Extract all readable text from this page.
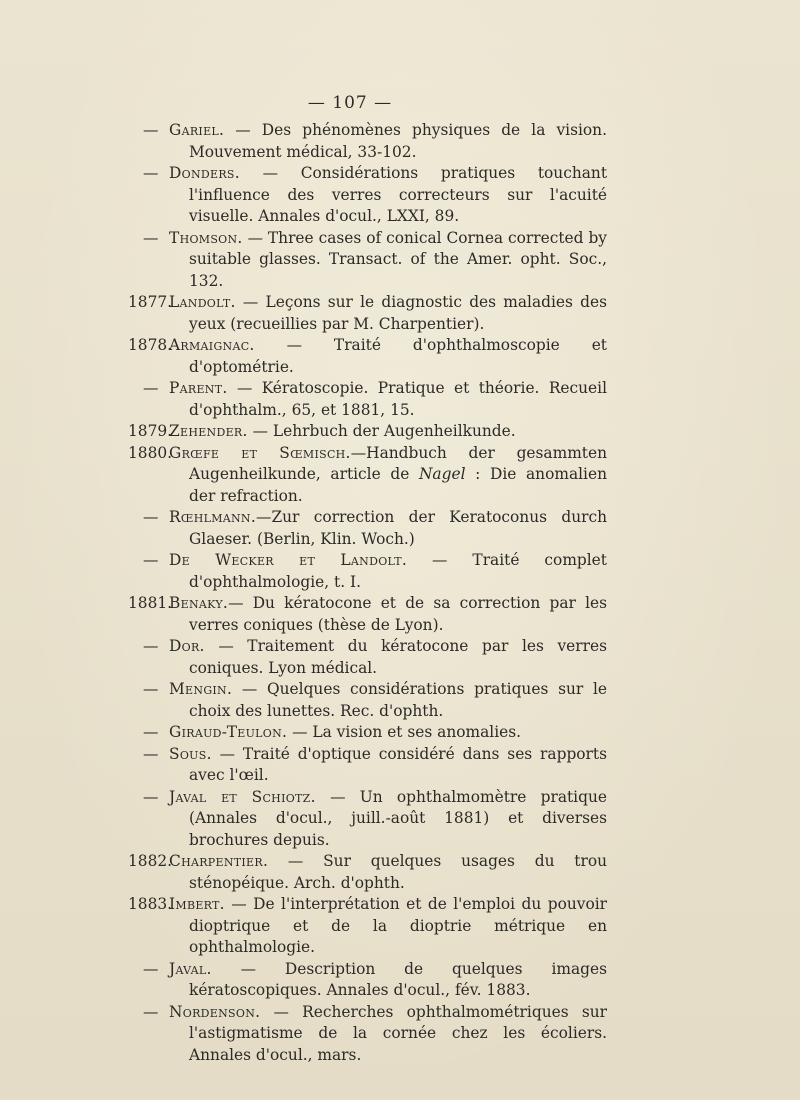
— 107 —
— Gariel. — Des phénomènes physiques de la vision. Mouvement médical, 33-102.
— Donders. — Considérations pratiques touchant l'influence des verres correcteurs sur l'acuité visuelle. Annales d'ocul., LXXI, 89.
— Thomson. — Three cases of conical Cornea corrected by suitable glasses. Transact. of the Amer. opht. Soc., 132.
1877.
Landolt. — Leçons sur le diagnostic des maladies des yeux (recueillies par M. Charpentier).
1878.
Armaignac. — Traité d'ophthalmoscopie et d'optométrie.
— Parent. — Kératoscopie. Pratique et théorie. Recueil d'ophthalm., 65, et 1881, 15.
1879.
Zehender. — Lehrbuch der Augenheilkunde.
1880.
Grœfe et Sœmisch.—Handbuch der gesammten Augenheilkunde, article de Nagel : Die anomalien der refraction.
— Rœhlmann.—Zur correction der Keratoconus durch Glaeser. (Berlin, Klin. Woch.)
— De Wecker et Landolt. — Traité complet d'ophthalmologie, t. I.
1881.
Benaky.— Du kératocone et de sa correction par les verres coniques (thèse de Lyon).
— Dor. — Traitement du kératocone par les verres coniques. Lyon médical.
— Mengin. — Quelques considérations pratiques sur le choix des lunettes. Rec. d'ophth.
— Giraud-Teulon. — La vision et ses anomalies.
— Sous. — Traité d'optique considéré dans ses rapports avec l'œil.
— Javal et Schiotz. — Un ophthalmomètre pratique (Annales d'ocul., juill.-août 1881) et diverses brochures depuis.
1882.
Charpentier. — Sur quelques usages du trou sténopéique. Arch. d'ophth.
1883.
Imbert. — De l'interprétation et de l'emploi du pouvoir dioptrique et de la dioptrie métrique en ophthalmologie.
— Javal. — Description de quelques images kératoscopiques. Annales d'ocul., fév. 1883.
— Nordenson. — Recherches ophthalmométriques sur l'astigmatisme de la cornée chez les écoliers. Annales d'ocul., mars.
